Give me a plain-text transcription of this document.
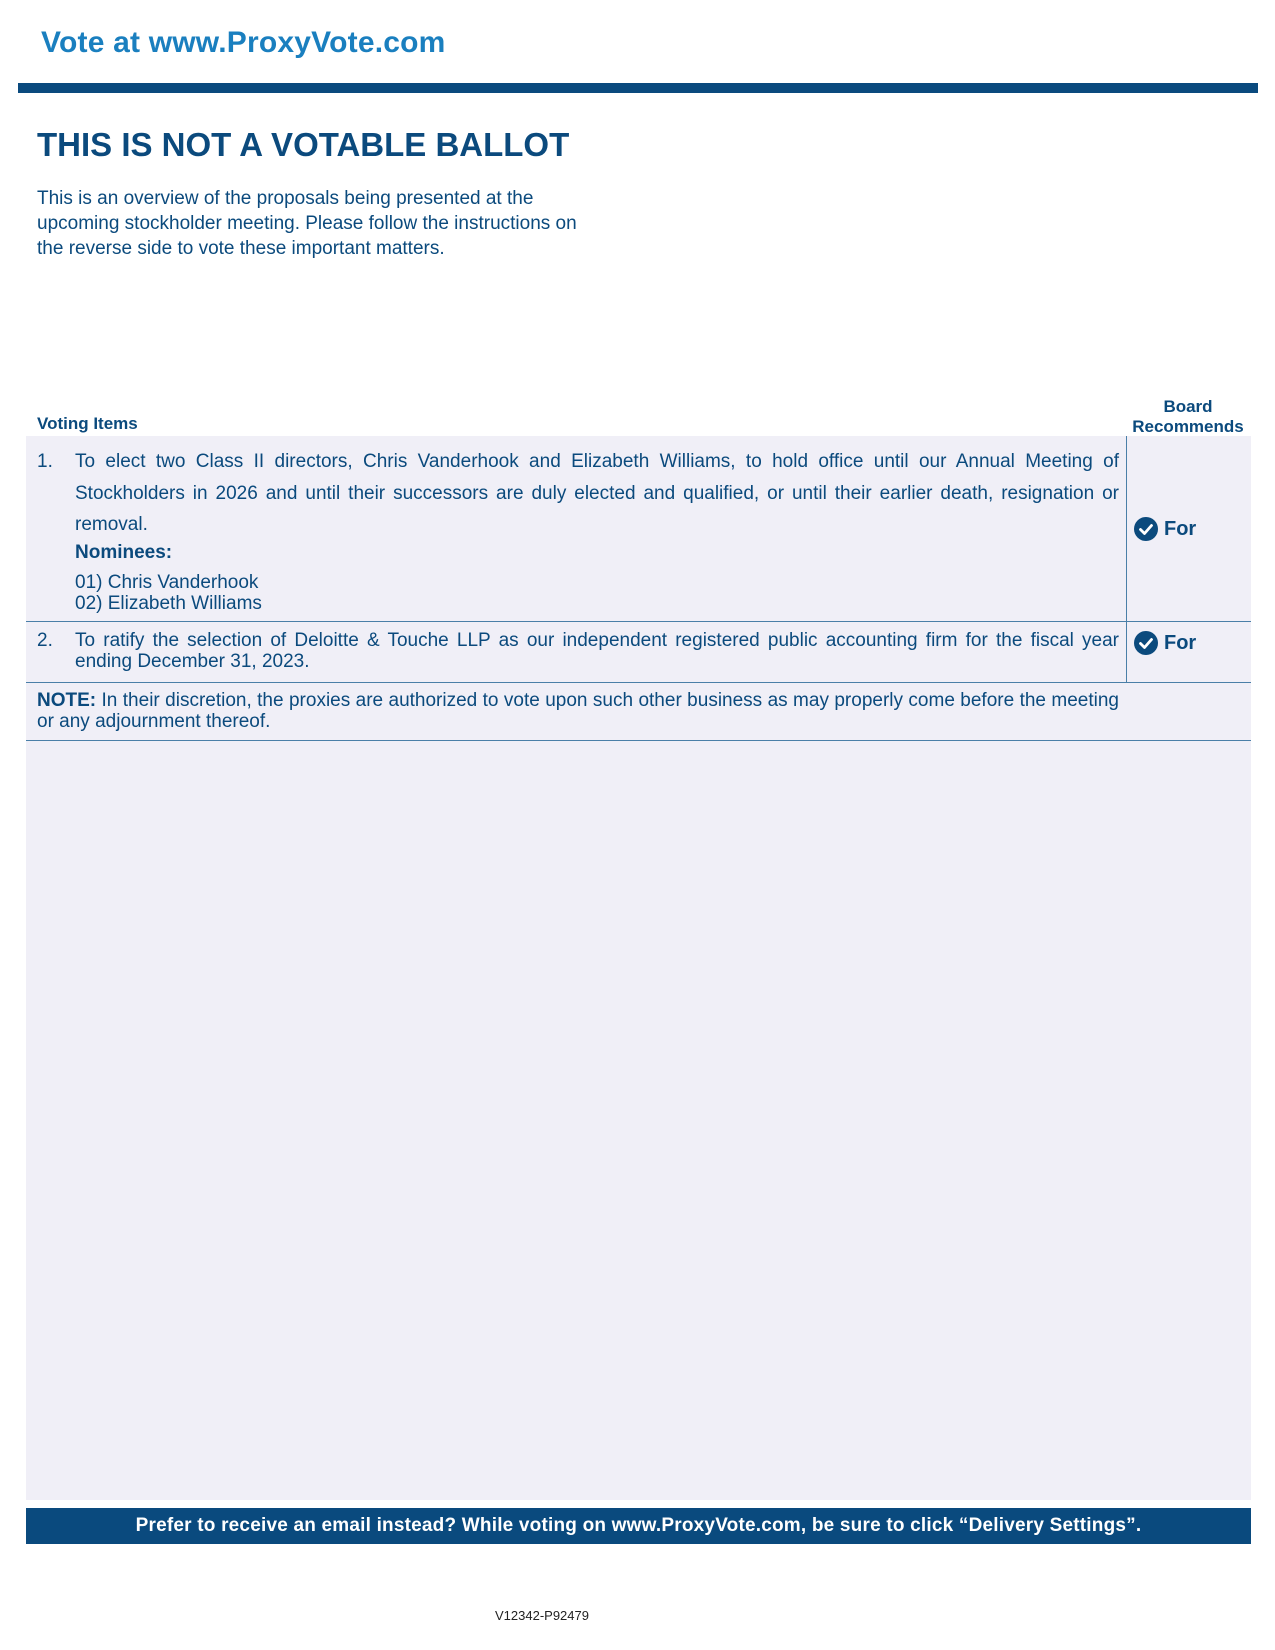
Vote at www.ProxyVote.com
THIS IS NOT A VOTABLE BALLOT
This is an overview of the proposals being presented at the
upcoming stockholder meeting. Please follow the instructions on
the reverse side to vote these important matters.
Voting Items
Board
Recommends
1. To elect two Class II directors, Chris Vanderhook and Elizabeth Williams, to hold office until our Annual Meeting of Stockholders in 2026 and until their successors are duly elected and qualified, or until their earlier death, resignation or removal.
Nominees:
01) Chris Vanderhook
02) Elizabeth Williams
For
2. To ratify the selection of Deloitte & Touche LLP as our independent registered public accounting firm for the fiscal year ending December 31, 2023.
For
NOTE: In their discretion, the proxies are authorized to vote upon such other business as may properly come before the meeting or any adjournment thereof.
Prefer to receive an email instead? While voting on www.ProxyVote.com, be sure to click “Delivery Settings”.
V12342-P92479
